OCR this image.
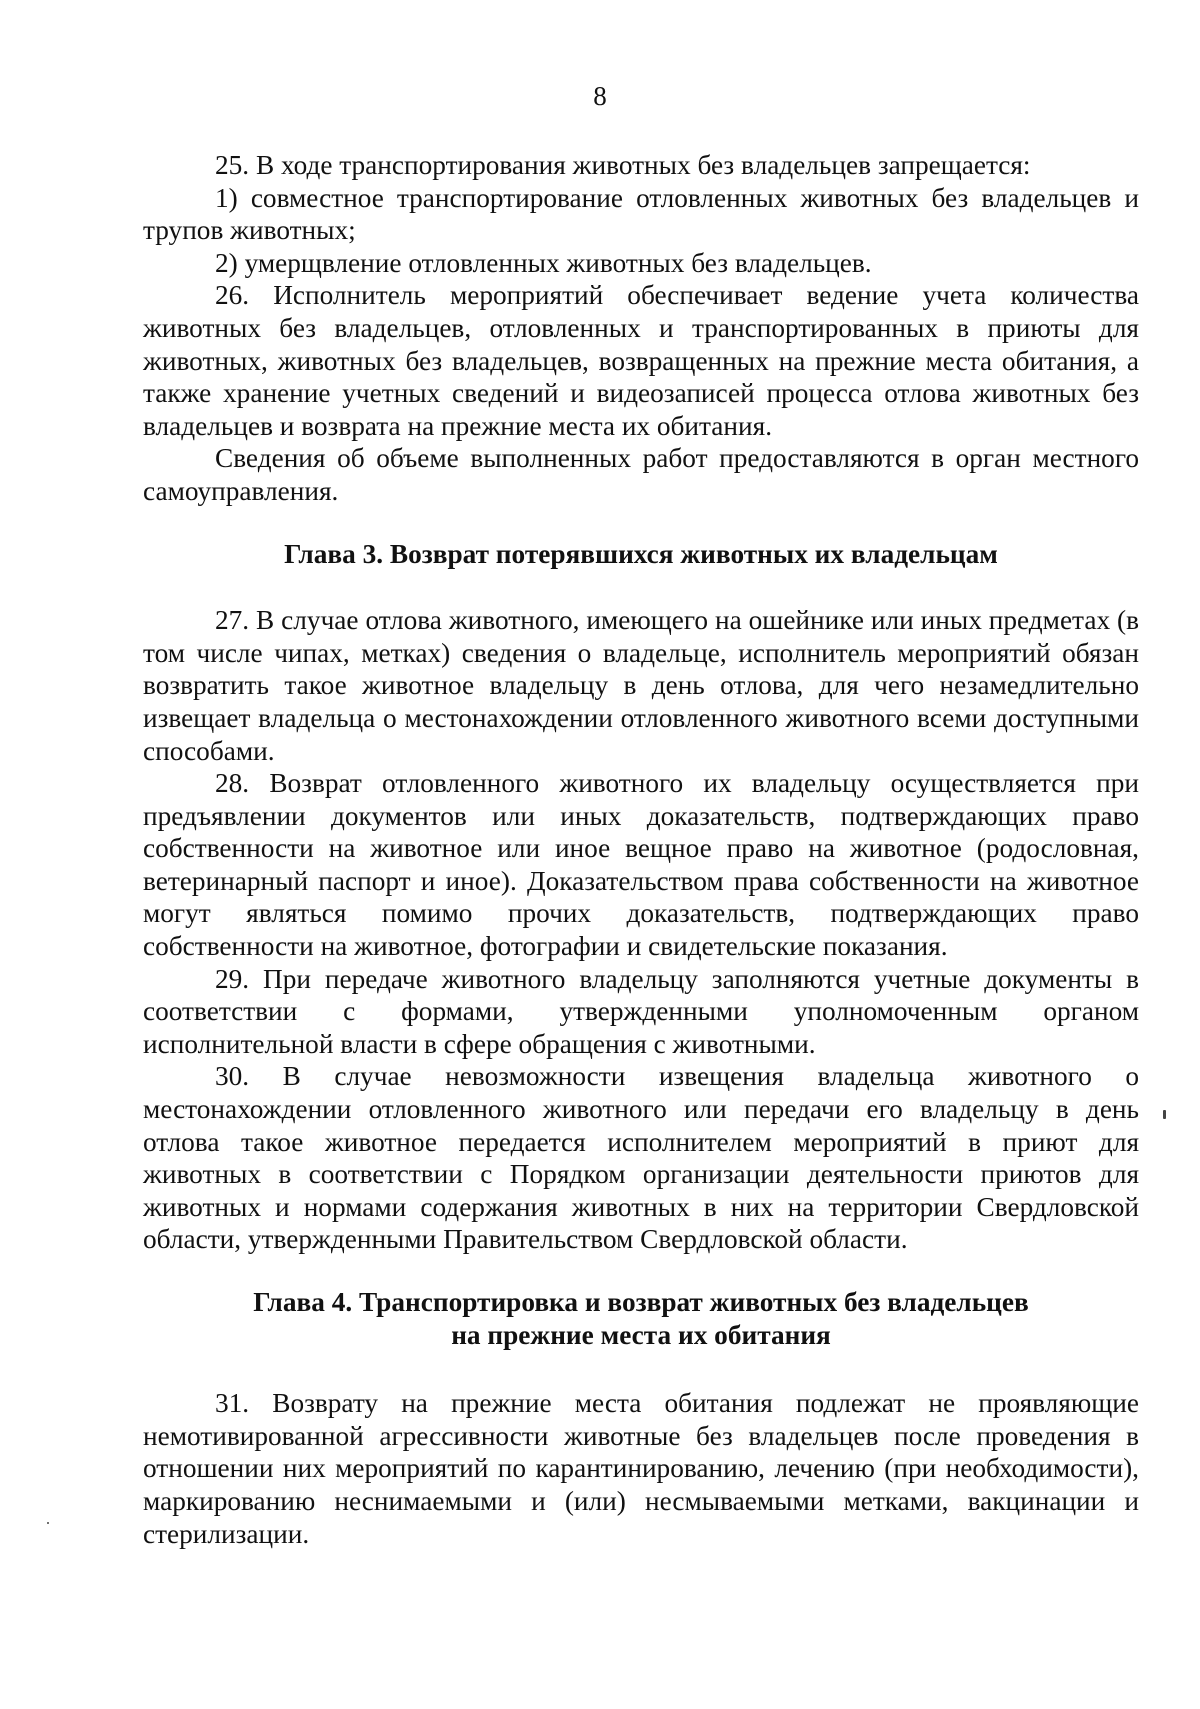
8

25. В ходе транспортирования животных без владельцев запрещается:

1) совместное транспортирование отловленных животных без владельцев и трупов животных;

2) умерщвление отловленных животных без владельцев.

26. Исполнитель мероприятий обеспечивает ведение учета количества животных без владельцев, отловленных и транспортированных в приюты для животных, животных без владельцев, возвращенных на прежние места обитания, а также хранение учетных сведений и видеозаписей процесса отлова животных без владельцев и возврата на прежние места их обитания.

Сведения об объеме выполненных работ предоставляются в орган местного самоуправления.

Глава 3. Возврат потерявшихся животных их владельцам

27. В случае отлова животного, имеющего на ошейнике или иных предметах (в том числе чипах, метках) сведения о владельце, исполнитель мероприятий обязан возвратить такое животное владельцу в день отлова, для чего незамедлительно извещает владельца о местонахождении отловленного животного всеми доступными способами.

28. Возврат отловленного животного их владельцу осуществляется при предъявлении документов или иных доказательств, подтверждающих право собственности на животное или иное вещное право на животное (родословная, ветеринарный паспорт и иное). Доказательством права собственности на животное могут являться помимо прочих доказательств, подтверждающих право собственности на животное, фотографии и свидетельские показания.

29. При передаче животного владельцу заполняются учетные документы в соответствии с формами, утвержденными уполномоченным органом исполнительной власти в сфере обращения с животными.

30. В случае невозможности извещения владельца животного о местонахождении отловленного животного или передачи его владельцу в день отлова такое животное передается исполнителем мероприятий в приют для животных в соответствии с Порядком организации деятельности приютов для животных и нормами содержания животных в них на территории Свердловской области, утвержденными Правительством Свердловской области.

Глава 4. Транспортировка и возврат животных без владельцев
на прежние места их обитания

31. Возврату на прежние места обитания подлежат не проявляющие немотивированной агрессивности животные без владельцев после проведения в отношении них мероприятий по карантинированию, лечению (при необходимости), маркированию неснимаемыми и (или) несмываемыми метками, вакцинации и стерилизации.
